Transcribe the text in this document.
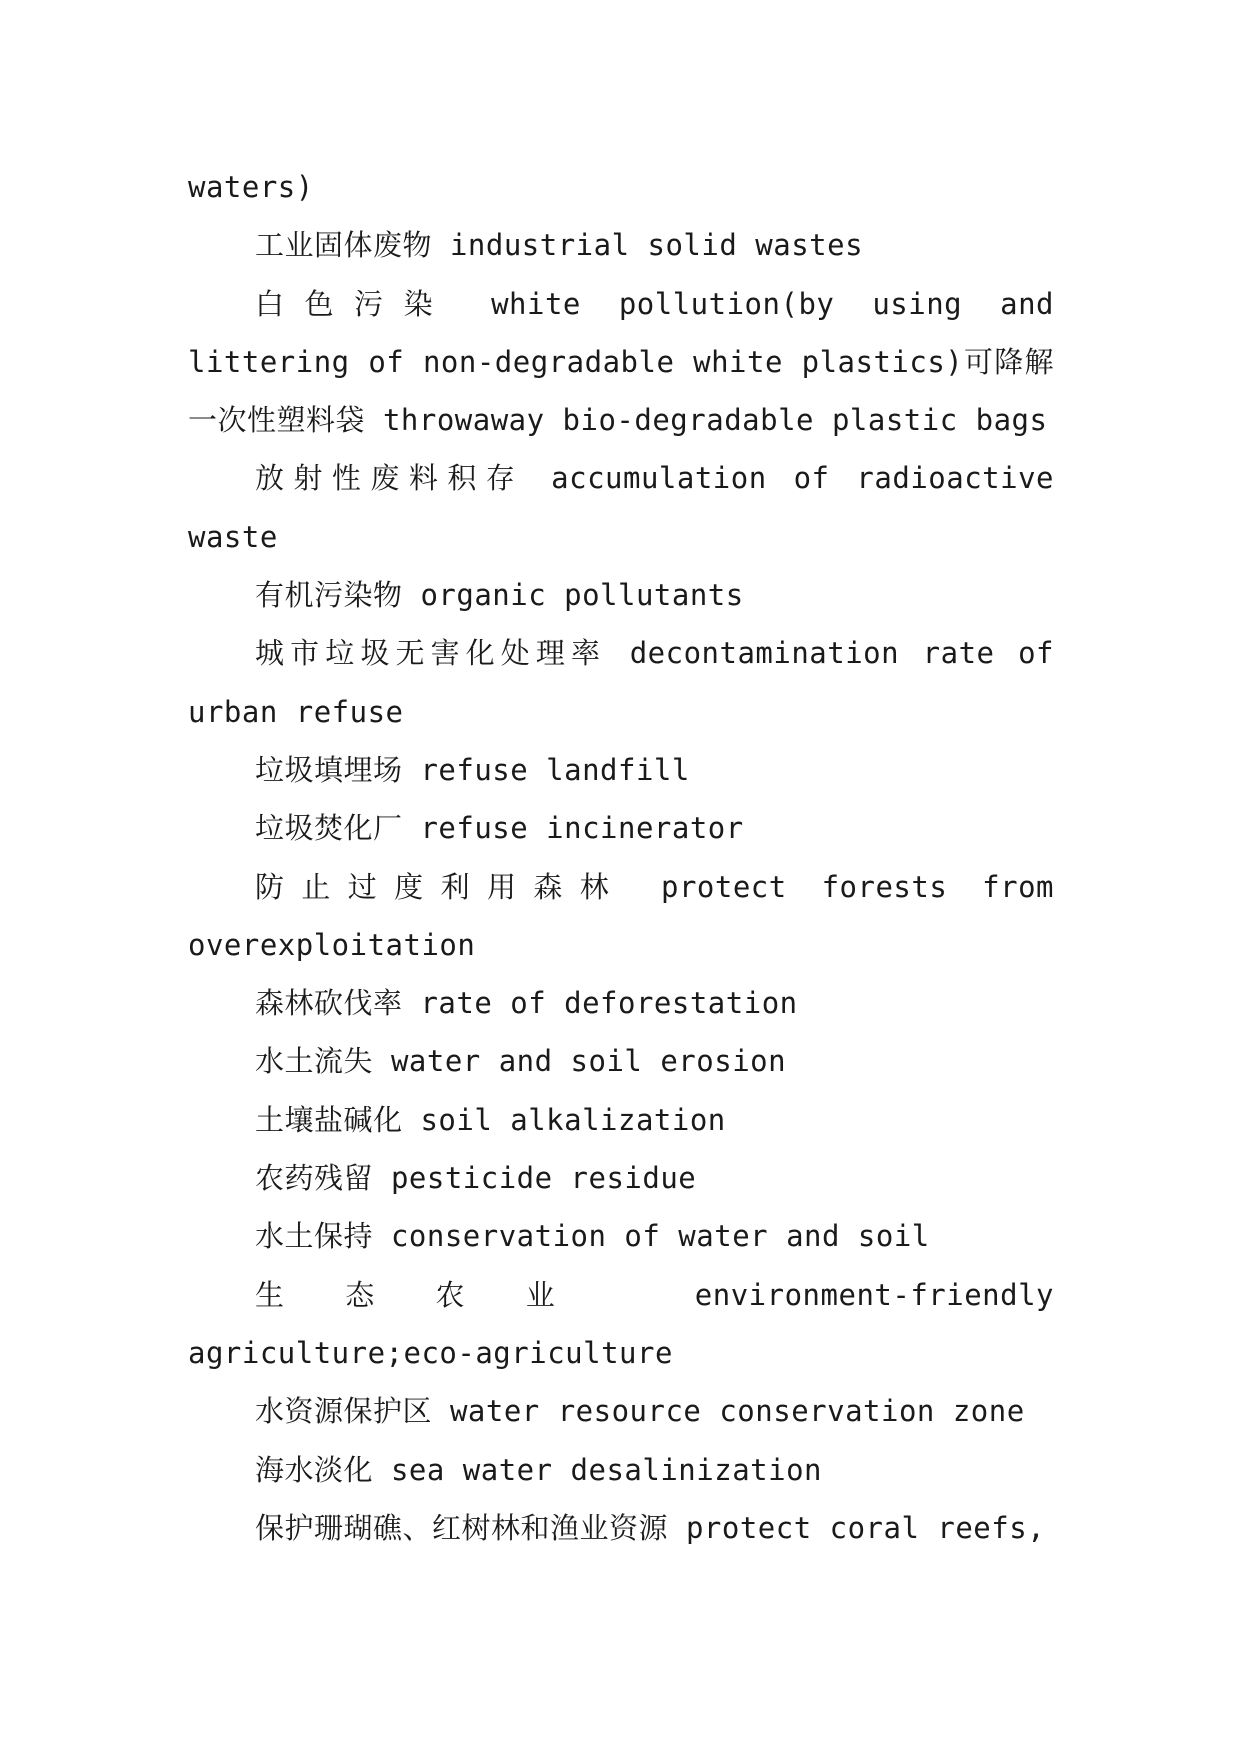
waters)

工业固体废物 industrial solid wastes

白色污染 white pollution(by using and littering of non-degradable white plastics)可降解一次性塑料袋 throwaway bio-degradable plastic bags

放射性废料积存 accumulation of radioactive waste

有机污染物 organic pollutants

城市垃圾无害化处理率 decontamination rate of urban refuse

垃圾填埋场 refuse landfill

垃圾焚化厂 refuse incinerator

防止过度利用森林 protect forests from overexploitation

森林砍伐率 rate of deforestation

水土流失 water and soil erosion

土壤盐碱化 soil alkalization

农药残留 pesticide residue

水土保持 conservation of water and soil

生态农业 environment-friendly agriculture;eco-agriculture

水资源保护区 water resource conservation zone

海水淡化 sea water desalinization

保护珊瑚礁、红树林和渔业资源 protect coral reefs,
